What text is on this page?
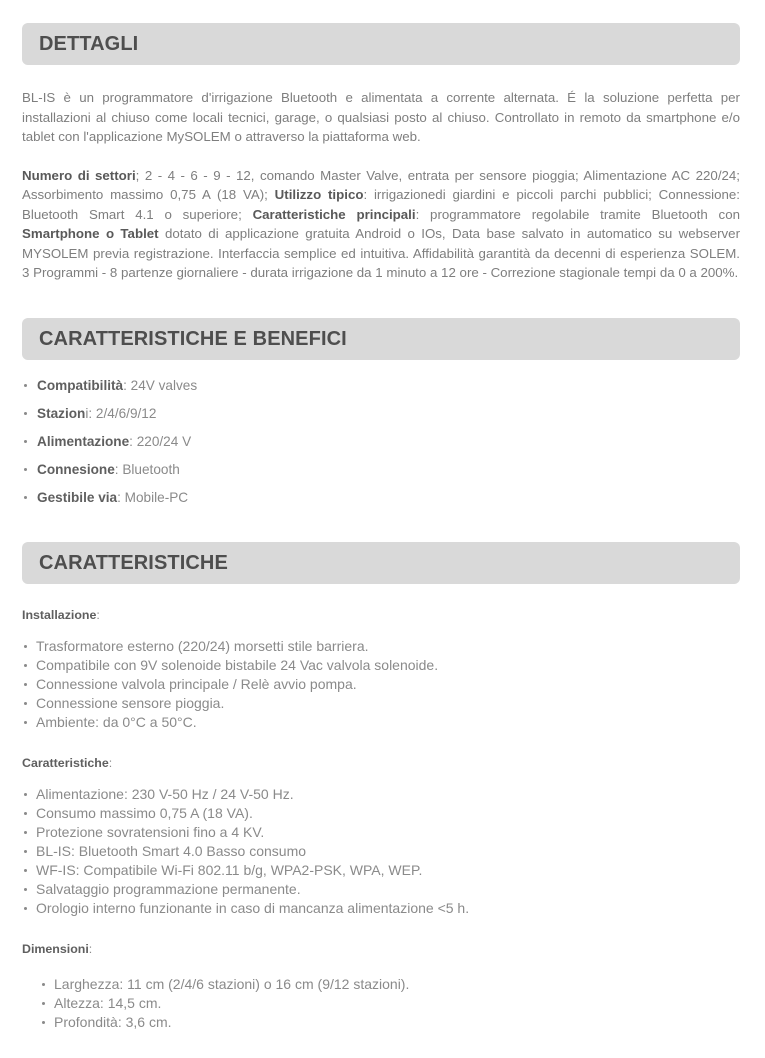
DETTAGLI

BL-IS è un programmatore d'irrigazione Bluetooth e alimentata a corrente alternata. É la soluzione perfetta per installazioni al chiuso come locali tecnici, garage, o qualsiasi posto al chiuso. Controllato in remoto da smartphone e/o tablet con l'applicazione MySOLEM o attraverso la piattaforma web.

Numero di settori; 2 - 4 - 6 - 9 - 12, comando Master Valve, entrata per sensore pioggia; Alimentazione AC 220/24; Assorbimento massimo 0,75 A (18 VA); Utilizzo tipico: irrigazionedi giardini e piccoli parchi pubblici; Connessione: Bluetooth Smart 4.1 o superiore; Caratteristiche principali: programmatore regolabile tramite Bluetooth con Smartphone o Tablet dotato di applicazione gratuita Android o IOs, Data base salvato in automatico su webserver MYSOLEM previa registrazione. Interfaccia semplice ed intuitiva. Affidabilità garantità da decenni di esperienza SOLEM. 3 Programmi - 8 partenze giornaliere - durata irrigazione da 1 minuto a 12 ore - Correzione stagionale tempi da 0 a 200%.

CARATTERISTICHE E BENEFICI
Compatibilità: 24V valves
Stazioni: 2/4/6/9/12
Alimentazione: 220/24 V
Connesione: Bluetooth
Gestibile via: Mobile-PC
CARATTERISTICHE
Installazione:
Trasformatore esterno (220/24) morsetti stile barriera.
Compatibile con 9V solenoide bistabile 24 Vac valvola solenoide.
Connessione valvola principale / Relè avvio pompa.
Connessione sensore pioggia.
Ambiente: da 0°C a 50°C.
Caratteristiche:
Alimentazione: 230 V-50 Hz / 24 V-50 Hz.
Consumo massimo 0,75 A (18 VA).
Protezione sovratensioni fino a 4 KV.
BL-IS: Bluetooth Smart 4.0 Basso consumo
WF-IS: Compatibile Wi-Fi 802.11 b/g, WPA2-PSK, WPA, WEP.
Salvataggio programmazione permanente.
Orologio interno funzionante in caso di mancanza alimentazione <5 h.
Dimensioni:
Larghezza: 11 cm (2/4/6 stazioni) o 16 cm (9/12 stazioni).
Altezza: 14,5 cm.
Profondità: 3,6 cm.
